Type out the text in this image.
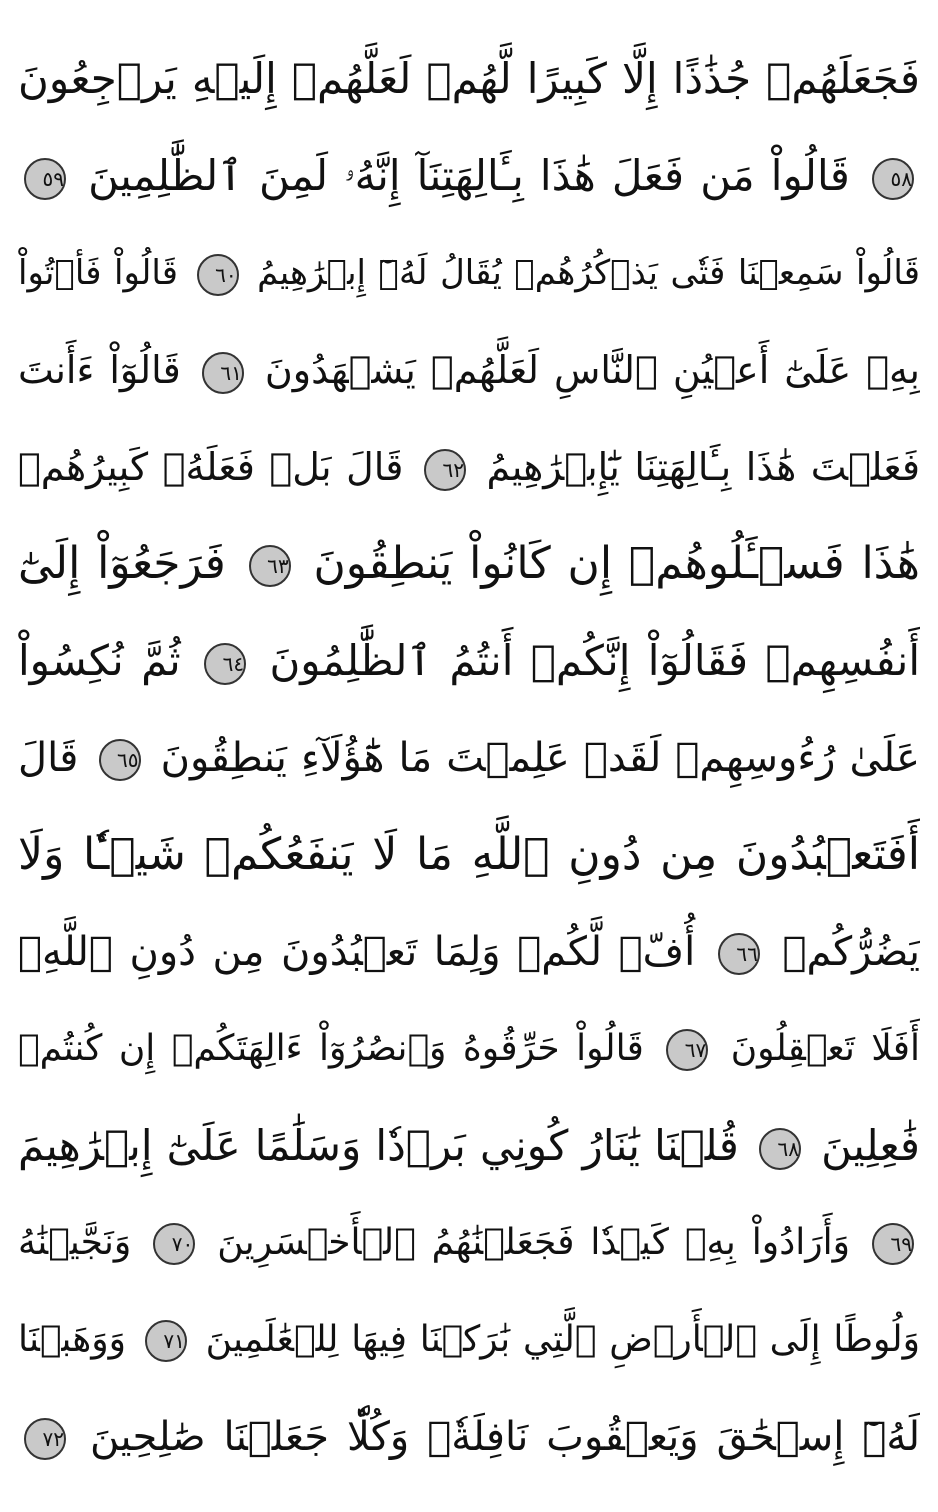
فَجَعَلَهُمۡ جُذَٰذًا إِلَّا كَبِيرًا لَّهُمۡ لَعَلَّهُمۡ إِلَيۡهِ يَرۡجِعُونَ
٥٨ قَالُواْ مَن فَعَلَ هَٰذَا بِـَٔالِهَتِنَآ إِنَّهُۥ لَمِنَ ٱلظَّٰلِمِينَ ٥٩
قَالُواْ سَمِعۡنَا فَتٗى يَذۡكُرُهُمۡ يُقَالُ لَهُۥٓ إِبۡرَٰهِيمُ ٦٠ قَالُواْ فَأۡتُواْ
بِهِۦ عَلَىٰٓ أَعۡيُنِ ٱلنَّاسِ لَعَلَّهُمۡ يَشۡهَدُونَ ٦١ قَالُوٓاْ ءَأَنتَ
فَعَلۡتَ هَٰذَا بِـَٔالِهَتِنَا يَٰٓإِبۡرَٰهِيمُ ٦٢ قَالَ بَلۡ فَعَلَهُۥ كَبِيرُهُمۡ
هَٰذَا فَسۡـَٔلُوهُمۡ إِن كَانُواْ يَنطِقُونَ ٦٣ فَرَجَعُوٓاْ إِلَىٰٓ
أَنفُسِهِمۡ فَقَالُوٓاْ إِنَّكُمۡ أَنتُمُ ٱلظَّٰلِمُونَ ٦٤ ثُمَّ نُكِسُواْ
عَلَىٰ رُءُوسِهِمۡ لَقَدۡ عَلِمۡتَ مَا هَٰٓؤُلَآءِ يَنطِقُونَ ٦٥ قَالَ
أَفَتَعۡبُدُونَ مِن دُونِ ٱللَّهِ مَا لَا يَنفَعُكُمۡ شَيۡـٔٗا وَلَا
يَضُرُّكُمۡ ٦٦ أُفّٖ لَّكُمۡ وَلِمَا تَعۡبُدُونَ مِن دُونِ ٱللَّهِۚ
أَفَلَا تَعۡقِلُونَ ٦٧ قَالُواْ حَرِّقُوهُ وَٱنصُرُوٓاْ ءَالِهَتَكُمۡ إِن كُنتُمۡ
فَٰعِلِينَ ٦٨ قُلۡنَا يَٰنَارُ كُونِي بَرۡدٗا وَسَلَٰمًا عَلَىٰٓ إِبۡرَٰهِيمَ
٦٩ وَأَرَادُواْ بِهِۦ كَيۡدٗا فَجَعَلۡنَٰهُمُ ٱلۡأَخۡسَرِينَ ٧٠ وَنَجَّيۡنَٰهُ
وَلُوطًا إِلَى ٱلۡأَرۡضِ ٱلَّتِي بَٰرَكۡنَا فِيهَا لِلۡعَٰلَمِينَ ٧١ وَوَهَبۡنَا
لَهُۥٓ إِسۡحَٰقَ وَيَعۡقُوبَ نَافِلَةٗۖ وَكُلّٗا جَعَلۡنَا صَٰلِحِينَ ٧٢
